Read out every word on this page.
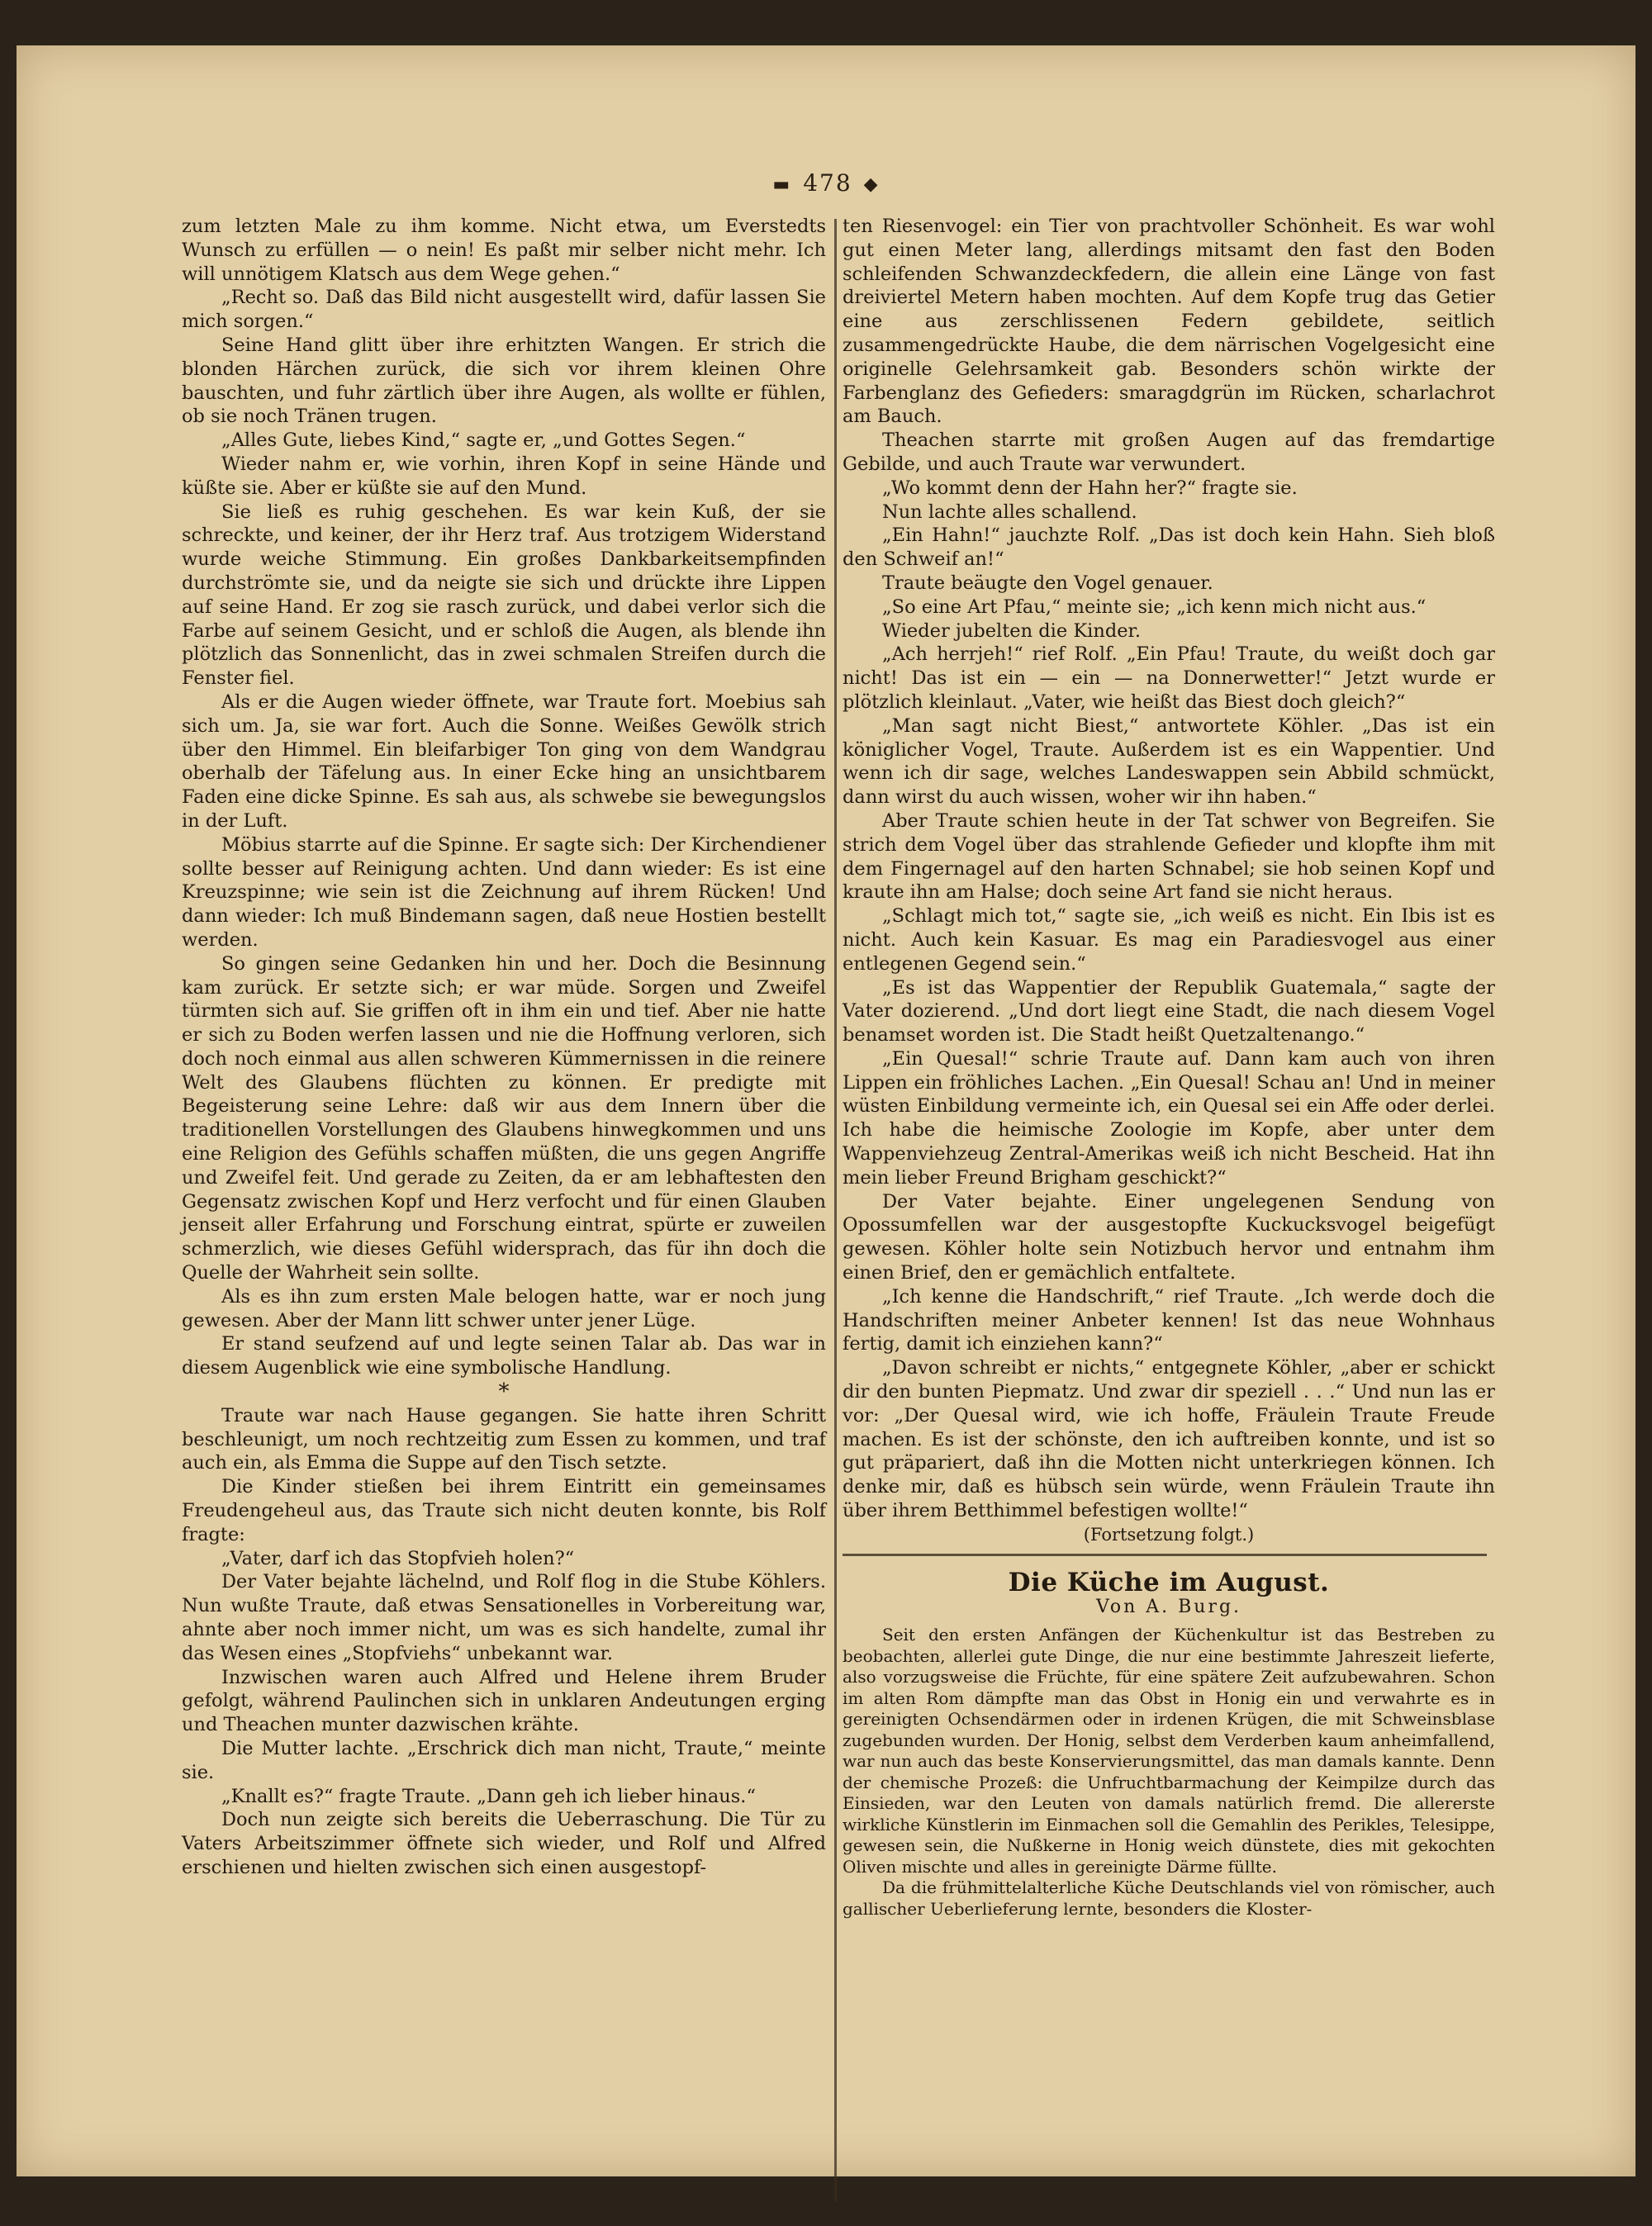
▬ 478 ◆

zum letzten Male zu ihm komme. Nicht etwa, um Everstedts Wunsch zu erfüllen — o nein! Es paßt mir selber nicht mehr. Ich will unnötigem Klatsch aus dem Wege gehen.“

„Recht so. Daß das Bild nicht ausgestellt wird, dafür lassen Sie mich sorgen.“

Seine Hand glitt über ihre erhitzten Wangen. Er strich die blonden Härchen zurück, die sich vor ihrem kleinen Ohre bauschten, und fuhr zärtlich über ihre Augen, als wollte er fühlen, ob sie noch Tränen trugen.

„Alles Gute, liebes Kind,“ sagte er, „und Gottes Segen.“

Wieder nahm er, wie vorhin, ihren Kopf in seine Hände und küßte sie. Aber er küßte sie auf den Mund.

Sie ließ es ruhig geschehen. Es war kein Kuß, der sie schreckte, und keiner, der ihr Herz traf. Aus trotzigem Widerstand wurde weiche Stimmung. Ein großes Dankbarkeitsempfinden durchströmte sie, und da neigte sie sich und drückte ihre Lippen auf seine Hand. Er zog sie rasch zurück, und dabei verlor sich die Farbe auf seinem Gesicht, und er schloß die Augen, als blende ihn plötzlich das Sonnenlicht, das in zwei schmalen Streifen durch die Fenster fiel.

Als er die Augen wieder öffnete, war Traute fort. Moebius sah sich um. Ja, sie war fort. Auch die Sonne. Weißes Gewölk strich über den Himmel. Ein bleifarbiger Ton ging von dem Wandgrau oberhalb der Täfelung aus. In einer Ecke hing an unsichtbarem Faden eine dicke Spinne. Es sah aus, als schwebe sie bewegungslos in der Luft.

Möbius starrte auf die Spinne. Er sagte sich: Der Kirchendiener sollte besser auf Reinigung achten. Und dann wieder: Es ist eine Kreuzspinne; wie sein ist die Zeichnung auf ihrem Rücken! Und dann wieder: Ich muß Bindemann sagen, daß neue Hostien bestellt werden.

So gingen seine Gedanken hin und her. Doch die Besinnung kam zurück. Er setzte sich; er war müde. Sorgen und Zweifel türmten sich auf. Sie griffen oft in ihm ein und tief. Aber nie hatte er sich zu Boden werfen lassen und nie die Hoffnung verloren, sich doch noch einmal aus allen schweren Kümmernissen in die reinere Welt des Glaubens flüchten zu können. Er predigte mit Begeisterung seine Lehre: daß wir aus dem Innern über die traditionellen Vorstellungen des Glaubens hinwegkommen und uns eine Religion des Gefühls schaffen müßten, die uns gegen Angriffe und Zweifel feit. Und gerade zu Zeiten, da er am lebhaftesten den Gegensatz zwischen Kopf und Herz verfocht und für einen Glauben jenseit aller Erfahrung und Forschung eintrat, spürte er zuweilen schmerzlich, wie dieses Gefühl widersprach, das für ihn doch die Quelle der Wahrheit sein sollte.

Als es ihn zum ersten Male belogen hatte, war er noch jung gewesen. Aber der Mann litt schwer unter jener Lüge.

Er stand seufzend auf und legte seinen Talar ab. Das war in diesem Augenblick wie eine symbolische Handlung.

*

Traute war nach Hause gegangen. Sie hatte ihren Schritt beschleunigt, um noch rechtzeitig zum Essen zu kommen, und traf auch ein, als Emma die Suppe auf den Tisch setzte.

Die Kinder stießen bei ihrem Eintritt ein gemeinsames Freudengeheul aus, das Traute sich nicht deuten konnte, bis Rolf fragte:

„Vater, darf ich das Stopfvieh holen?“

Der Vater bejahte lächelnd, und Rolf flog in die Stube Köhlers. Nun wußte Traute, daß etwas Sensationelles in Vorbereitung war, ahnte aber noch immer nicht, um was es sich handelte, zumal ihr das Wesen eines „Stopfviehs“ unbekannt war.

Inzwischen waren auch Alfred und Helene ihrem Bruder gefolgt, während Paulinchen sich in unklaren Andeutungen erging und Theachen munter dazwischen krähte.

Die Mutter lachte. „Erschrick dich man nicht, Traute,“ meinte sie.

„Knallt es?“ fragte Traute. „Dann geh ich lieber hinaus.“

Doch nun zeigte sich bereits die Ueberraschung. Die Tür zu Vaters Arbeitszimmer öffnete sich wieder, und Rolf und Alfred erschienen und hielten zwischen sich einen ausgestopf-

ten Riesenvogel: ein Tier von prachtvoller Schönheit. Es war wohl gut einen Meter lang, allerdings mitsamt den fast den Boden schleifenden Schwanzdeckfedern, die allein eine Länge von fast dreiviertel Metern haben mochten. Auf dem Kopfe trug das Getier eine aus zerschlissenen Federn gebildete, seitlich zusammengedrückte Haube, die dem närrischen Vogelgesicht eine originelle Gelehrsamkeit gab. Besonders schön wirkte der Farbenglanz des Gefieders: smaragdgrün im Rücken, scharlachrot am Bauch.

Theachen starrte mit großen Augen auf das fremdartige Gebilde, und auch Traute war verwundert.

„Wo kommt denn der Hahn her?“ fragte sie.

Nun lachte alles schallend.

„Ein Hahn!“ jauchzte Rolf. „Das ist doch kein Hahn. Sieh bloß den Schweif an!“

Traute beäugte den Vogel genauer.

„So eine Art Pfau,“ meinte sie; „ich kenn mich nicht aus.“

Wieder jubelten die Kinder.

„Ach herrjeh!“ rief Rolf. „Ein Pfau! Traute, du weißt doch gar nicht! Das ist ein — ein — na Donnerwetter!“ Jetzt wurde er plötzlich kleinlaut. „Vater, wie heißt das Biest doch gleich?“

„Man sagt nicht Biest,“ antwortete Köhler. „Das ist ein königlicher Vogel, Traute. Außerdem ist es ein Wappentier. Und wenn ich dir sage, welches Landeswappen sein Abbild schmückt, dann wirst du auch wissen, woher wir ihn haben.“

Aber Traute schien heute in der Tat schwer von Begreifen. Sie strich dem Vogel über das strahlende Gefieder und klopfte ihm mit dem Fingernagel auf den harten Schnabel; sie hob seinen Kopf und kraute ihn am Halse; doch seine Art fand sie nicht heraus.

„Schlagt mich tot,“ sagte sie, „ich weiß es nicht. Ein Ibis ist es nicht. Auch kein Kasuar. Es mag ein Paradiesvogel aus einer entlegenen Gegend sein.“

„Es ist das Wappentier der Republik Guatemala,“ sagte der Vater dozierend. „Und dort liegt eine Stadt, die nach diesem Vogel benamset worden ist. Die Stadt heißt Quetzaltenango.“

„Ein Quesal!“ schrie Traute auf. Dann kam auch von ihren Lippen ein fröhliches Lachen. „Ein Quesal! Schau an! Und in meiner wüsten Einbildung vermeinte ich, ein Quesal sei ein Affe oder derlei. Ich habe die heimische Zoologie im Kopfe, aber unter dem Wappenviehzeug Zentral-Amerikas weiß ich nicht Bescheid. Hat ihn mein lieber Freund Brigham geschickt?“

Der Vater bejahte. Einer ungelegenen Sendung von Opossumfellen war der ausgestopfte Kuckucksvogel beigefügt gewesen. Köhler holte sein Notizbuch hervor und entnahm ihm einen Brief, den er gemächlich entfaltete.

„Ich kenne die Handschrift,“ rief Traute. „Ich werde doch die Handschriften meiner Anbeter kennen! Ist das neue Wohnhaus fertig, damit ich einziehen kann?“

„Davon schreibt er nichts,“ entgegnete Köhler, „aber er schickt dir den bunten Piepmatz. Und zwar dir speziell . . .“ Und nun las er vor: „Der Quesal wird, wie ich hoffe, Fräulein Traute Freude machen. Es ist der schönste, den ich auftreiben konnte, und ist so gut präpariert, daß ihn die Motten nicht unterkriegen können. Ich denke mir, daß es hübsch sein würde, wenn Fräulein Traute ihn über ihrem Betthimmel befestigen wollte!“

(Fortsetzung folgt.)

Die Küche im August.
Von A. Burg.

Seit den ersten Anfängen der Küchenkultur ist das Bestreben zu beobachten, allerlei gute Dinge, die nur eine bestimmte Jahreszeit lieferte, also vorzugsweise die Früchte, für eine spätere Zeit aufzubewahren. Schon im alten Rom dämpfte man das Obst in Honig ein und verwahrte es in gereinigten Ochsendärmen oder in irdenen Krügen, die mit Schweinsblase zugebunden wurden. Der Honig, selbst dem Verderben kaum anheimfallend, war nun auch das beste Konservierungsmittel, das man damals kannte. Denn der chemische Prozeß: die Unfruchtbarmachung der Keimpilze durch das Einsieden, war den Leuten von damals natürlich fremd. Die allererste wirkliche Künstlerin im Einmachen soll die Gemahlin des Perikles, Telesippe, gewesen sein, die Nußkerne in Honig weich dünstete, dies mit gekochten Oliven mischte und alles in gereinigte Därme füllte.

Da die frühmittelalterliche Küche Deutschlands viel von römischer, auch gallischer Ueberlieferung lernte, besonders die Kloster-
